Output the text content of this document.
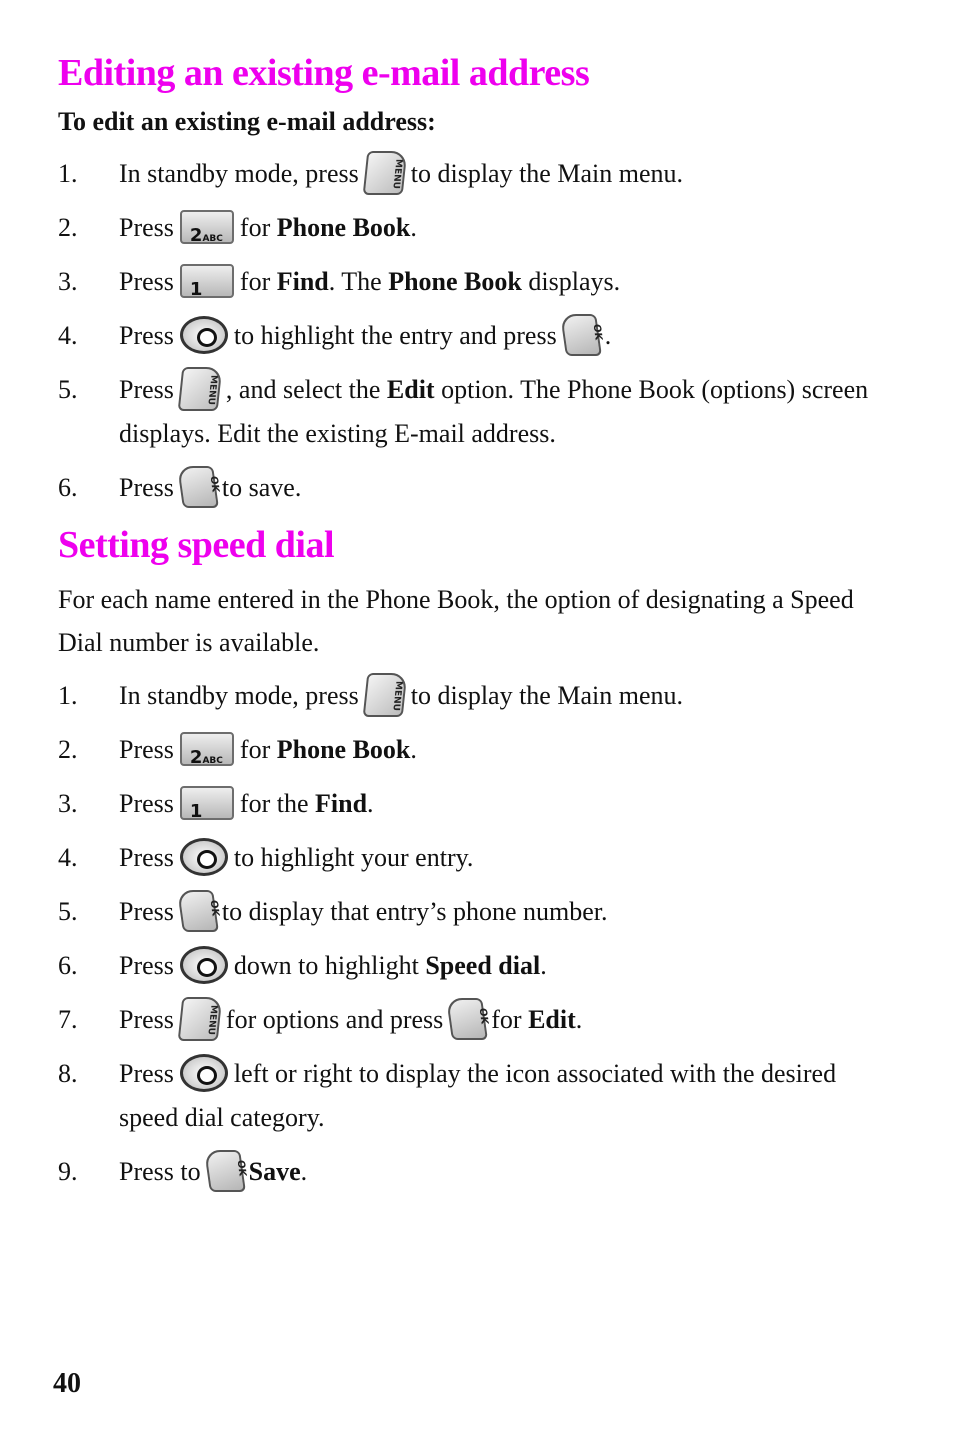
Editing an existing e-mail address
To edit an existing e-mail address:
1. In standby mode, press	MENU to display the Main menu.
2. Press 2ABC for Phone Book.
3. Press 1 for Find. The Phone Book displays.
4. Press to highlight the entry and press	OK .
5. Press	MENU , and select the Edit option. The Phone Book (options) screen displays. Edit the existing E-mail address.
6. Press	OK to save.
Setting speed dial

For each name entered in the Phone Book, the option of designating a Speed Dial number is available.

1. In standby mode, press	MENU to display the Main menu.
2. Press 2ABC for Phone Book.
3. Press 1 for the Find.
4. Press to highlight your entry.
5. Press	OK to display that entry’s phone number.
6. Press down to highlight Speed dial.
7. Press	MENU for options and press	OK for Edit.
8. Press left or right to display the icon associated with the desired speed dial category.
9. Press to	OK Save.
40
